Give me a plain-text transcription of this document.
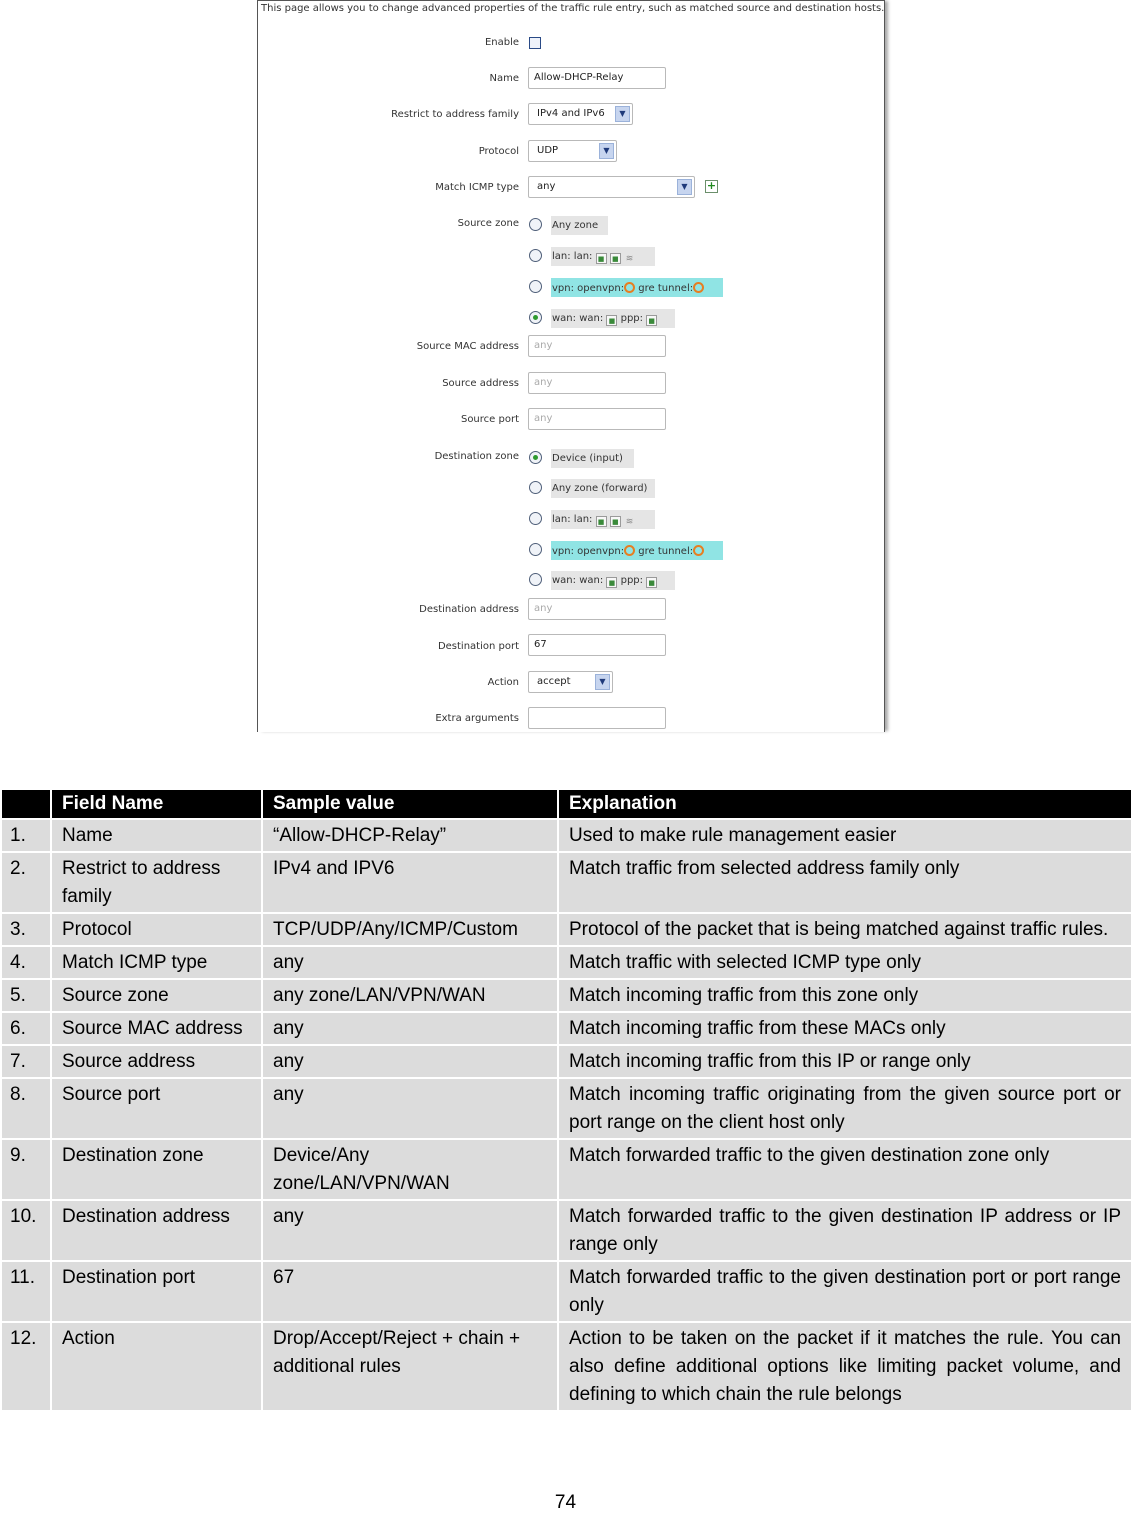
This page allows you to change advanced properties of the traffic rule entry, such as matched source and destination hosts.
Enable
Name	Allow-DHCP-Relay
Restrict to address family	IPv4 and IPv6	▼
Protocol	UDP	▼
Match ICMP type	any	▼	+
Source zone	Any zone
lan: lan: ■ ■ ≋
vpn: openvpn: gre tunnel:
wan: wan: ■ ppp: ■
Source MAC address	any
Source address	any
Source port	any
Destination zone	Device (input)
Any zone (forward)
lan: lan: ■ ■ ≋
vpn: openvpn: gre tunnel:
wan: wan: ■ ppp: ■
Destination address	any
Destination port	67
Action	accept	▼
Extra arguments
	Field Name	Sample value	Explanation
1.	Name	“Allow-DHCP-Relay”	Used to make rule management easier
2.	Restrict to address family	IPv4 and IPV6	Match traffic from selected address family only
3.	Protocol	TCP/UDP/Any/ICMP/Custom	Protocol of the packet that is being matched against traffic rules.
4.	Match ICMP type	any	Match traffic with selected ICMP type only
5.	Source zone	any zone/LAN/VPN/WAN	Match incoming traffic from this zone only
6.	Source MAC address	any	Match incoming traffic from these MACs only
7.	Source address	any	Match incoming traffic from this IP or range only
8.	Source port	any	Match incoming traffic originating from the given source port or port range on the client host only
9.	Destination zone	Device/Any zone/LAN/VPN/WAN	Match forwarded traffic to the given destination zone only
10.	Destination address	any	Match forwarded traffic to the given destination IP address or IP range only
11.	Destination port	67	Match forwarded traffic to the given destination port or port range only
12.	Action	Drop/Accept/Reject + chain + additional rules	Action to be taken on the packet if it matches the rule. You can also define additional options like limiting packet volume, and defining to which chain the rule belongs
74
